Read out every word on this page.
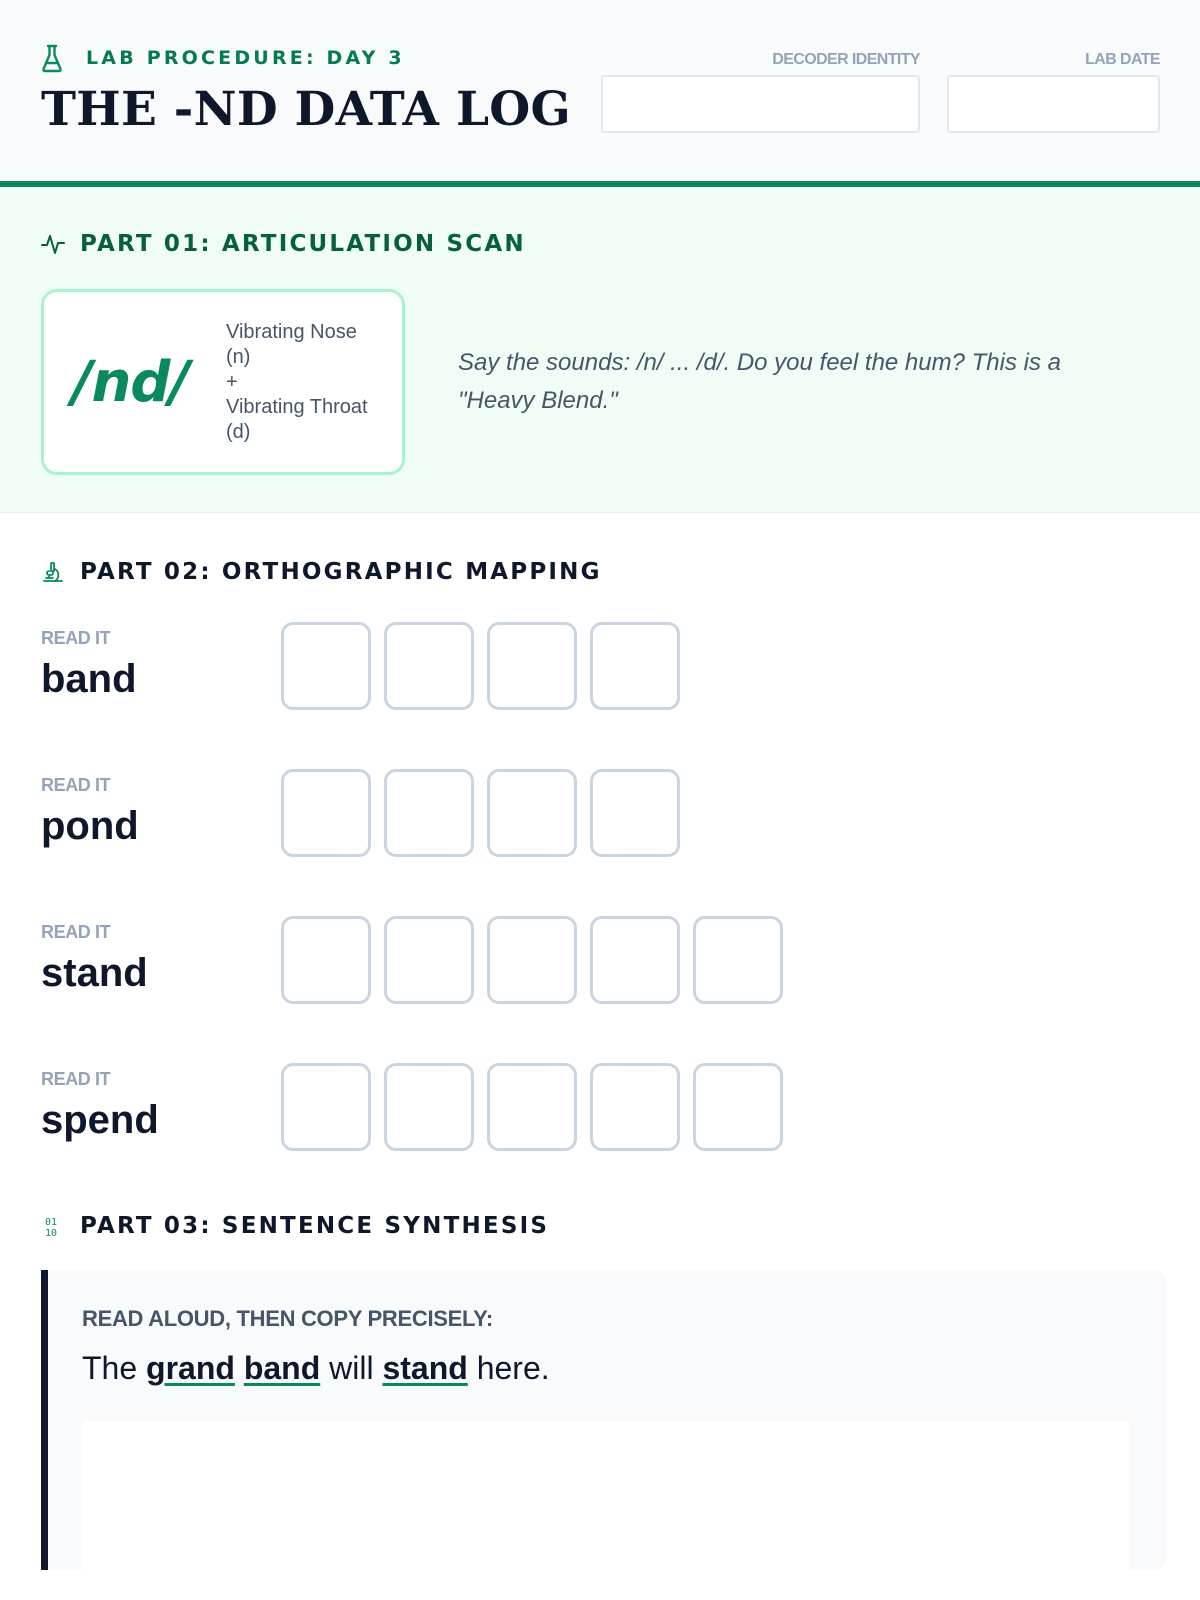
LAB PROCEDURE: DAY 3
THE -ND DATA LOG
DECODER IDENTITY	LAB DATE
PART 01: ARTICULATION SCAN
/nd/
Vibrating Nose (n)
+
Vibrating Throat (d)
Say the sounds: /n/ ... /d/. Do you feel the hum? This is a "Heavy Blend."
PART 02: ORTHOGRAPHIC MAPPING
READ IT
band
READ IT
pond
READ IT
stand
READ IT
spend
01
10 PART 03: SENTENCE SYNTHESIS
READ ALOUD, THEN COPY PRECISELY:
The grand band will stand here.
